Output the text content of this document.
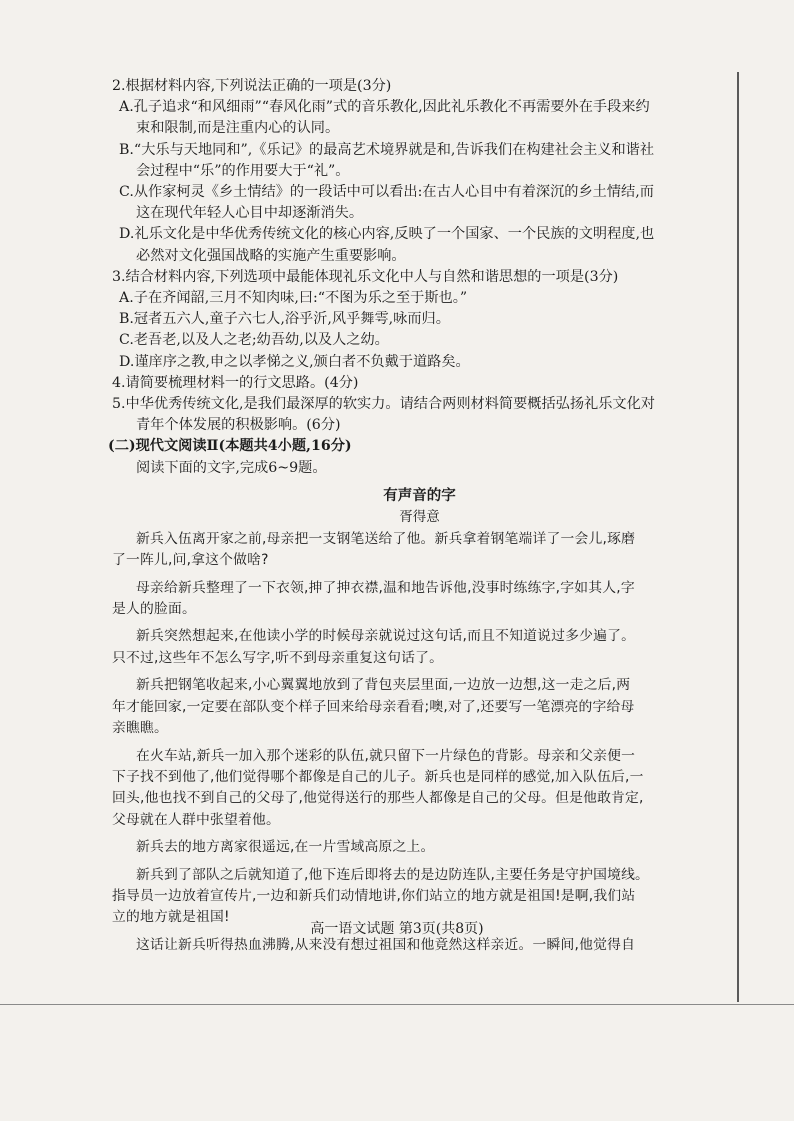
2.根据材料内容,下列说法正确的一项是(3分)
A.孔子追求“和风细雨”“春风化雨”式的音乐教化,因此礼乐教化不再需要外在手段来约
束和限制,而是注重内心的认同。
B.“大乐与天地同和”,《乐记》的最高艺术境界就是和,告诉我们在构建社会主义和谐社
会过程中“乐”的作用要大于“礼”。
C.从作家柯灵《乡土情结》的一段话中可以看出:在古人心目中有着深沉的乡土情结,而
这在现代年轻人心目中却逐渐消失。
D.礼乐文化是中华优秀传统文化的核心内容,反映了一个国家、一个民族的文明程度,也
必然对文化强国战略的实施产生重要影响。
3.结合材料内容,下列选项中最能体现礼乐文化中人与自然和谐思想的一项是(3分)
A.子在齐闻韶,三月不知肉味,曰:“不图为乐之至于斯也。”
B.冠者五六人,童子六七人,浴乎沂,风乎舞雩,咏而归。
C.老吾老,以及人之老;幼吾幼,以及人之幼。
D.谨庠序之教,申之以孝悌之义,颁白者不负戴于道路矣。
4.请简要梳理材料一的行文思路。(4分)
5.中华优秀传统文化,是我们最深厚的软实力。请结合两则材料简要概括弘扬礼乐文化对
青年个体发展的积极影响。(6分)
(二)现代文阅读Ⅱ(本题共4小题,16分)
阅读下面的文字,完成6~9题。
有声音的字
胥得意
新兵入伍离开家之前,母亲把一支钢笔送给了他。新兵拿着钢笔端详了一会儿,琢磨
了一阵儿,问,拿这个做啥?
母亲给新兵整理了一下衣领,抻了抻衣襟,温和地告诉他,没事时练练字,字如其人,字
是人的脸面。
新兵突然想起来,在他读小学的时候母亲就说过这句话,而且不知道说过多少遍了。
只不过,这些年不怎么写字,听不到母亲重复这句话了。
新兵把钢笔收起来,小心翼翼地放到了背包夹层里面,一边放一边想,这一走之后,两
年才能回家,一定要在部队变个样子回来给母亲看看;噢,对了,还要写一笔漂亮的字给母
亲瞧瞧。
在火车站,新兵一加入那个迷彩的队伍,就只留下一片绿色的背影。母亲和父亲便一
下子找不到他了,他们觉得哪个都像是自己的儿子。新兵也是同样的感觉,加入队伍后,一
回头,他也找不到自己的父母了,他觉得送行的那些人都像是自己的父母。但是他敢肯定,
父母就在人群中张望着他。
新兵去的地方离家很遥远,在一片雪域高原之上。
新兵到了部队之后就知道了,他下连后即将去的是边防连队,主要任务是守护国境线。
指导员一边放着宣传片,一边和新兵们动情地讲,你们站立的地方就是祖国!是啊,我们站
立的地方就是祖国!
这话让新兵听得热血沸腾,从来没有想过祖国和他竟然这样亲近。一瞬间,他觉得自
高一语文试题 第3页(共8页)
